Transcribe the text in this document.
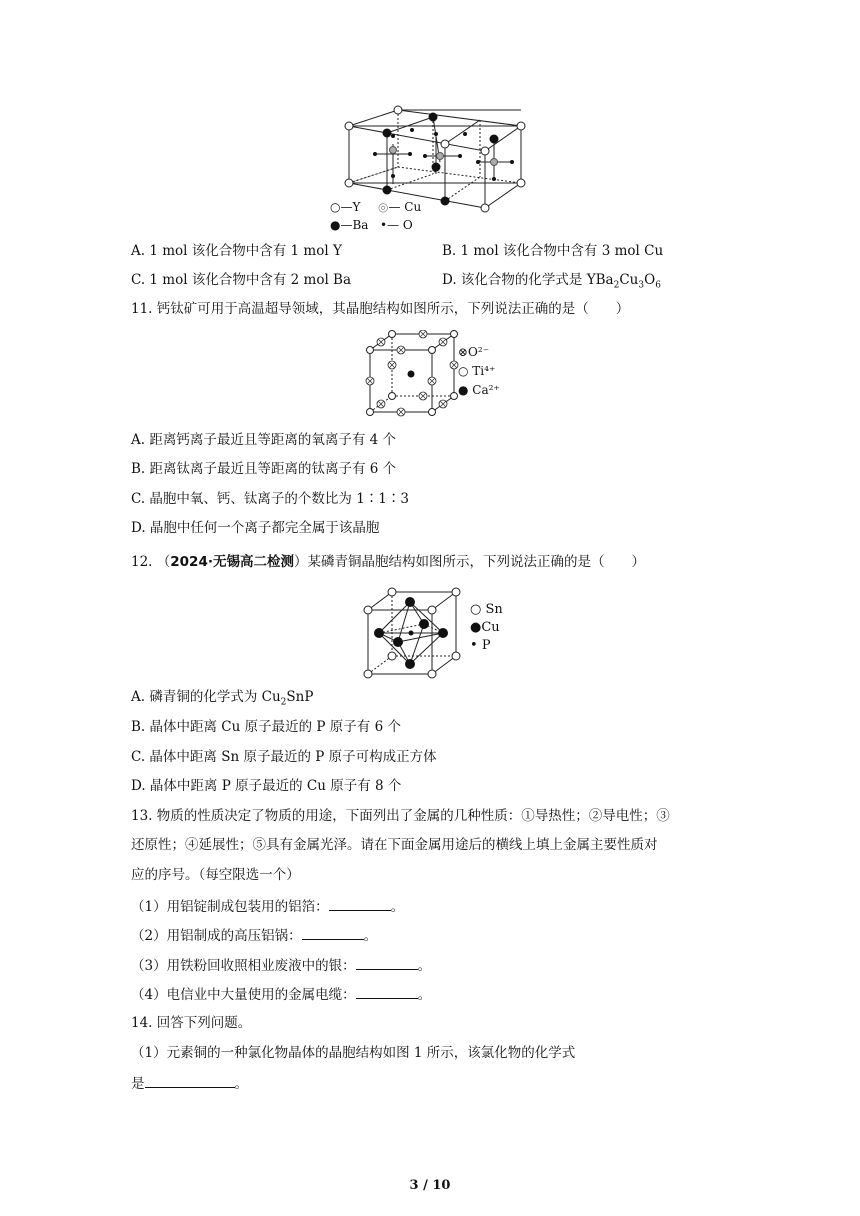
○—Y ◎— Cu
●—Ba •— O
A. 1 mol 该化合物中含有 1 mol Y	B. 1 mol 该化合物中含有 3 mol Cu
C. 1 mol 该化合物中含有 2 mol Ba	D. 该化合物的化学式是 $YBa_2Cu_3O_6$
11. 钙钛矿可用于高温超导领域，其晶胞结构如图所示，下列说法正确的是（　　）
⊗O²⁻
○ Ti⁴⁺
● Ca²⁺
A. 距离钙离子最近且等距离的氧离子有 4 个
B. 距离钛离子最近且等距离的钛离子有 6 个
C. 晶胞中氧、钙、钛离子的个数比为 1∶1∶3
D. 晶胞中任何一个离子都完全属于该晶胞
12. （2024·无锡高二检测）某磷青铜晶胞结构如图所示，下列说法正确的是（　　）
○ Sn
●Cu
• P
A. 磷青铜的化学式为 $Cu_2SnP$
B. 晶体中距离 Cu 原子最近的 P 原子有 6 个
C. 晶体中距离 Sn 原子最近的 P 原子可构成正方体
D. 晶体中距离 P 原子最近的 Cu 原子有 8 个
13. 物质的性质决定了物质的用途，下面列出了金属的几种性质：①导热性；②导电性；③
还原性；④延展性；⑤具有金属光泽。请在下面金属用途后的横线上填上金属主要性质对
应的序号。（每空限选一个）
（1）用铝锭制成包装用的铝箔：	。
（2）用铝制成的高压铝锅：	。
（3）用铁粉回收照相业废液中的银：	。
（4）电信业中大量使用的金属电缆：	。
14. 回答下列问题。
（1）元素铜的一种氯化物晶体的晶胞结构如图 1 所示，该氯化物的化学式
是	。
3 / 10
